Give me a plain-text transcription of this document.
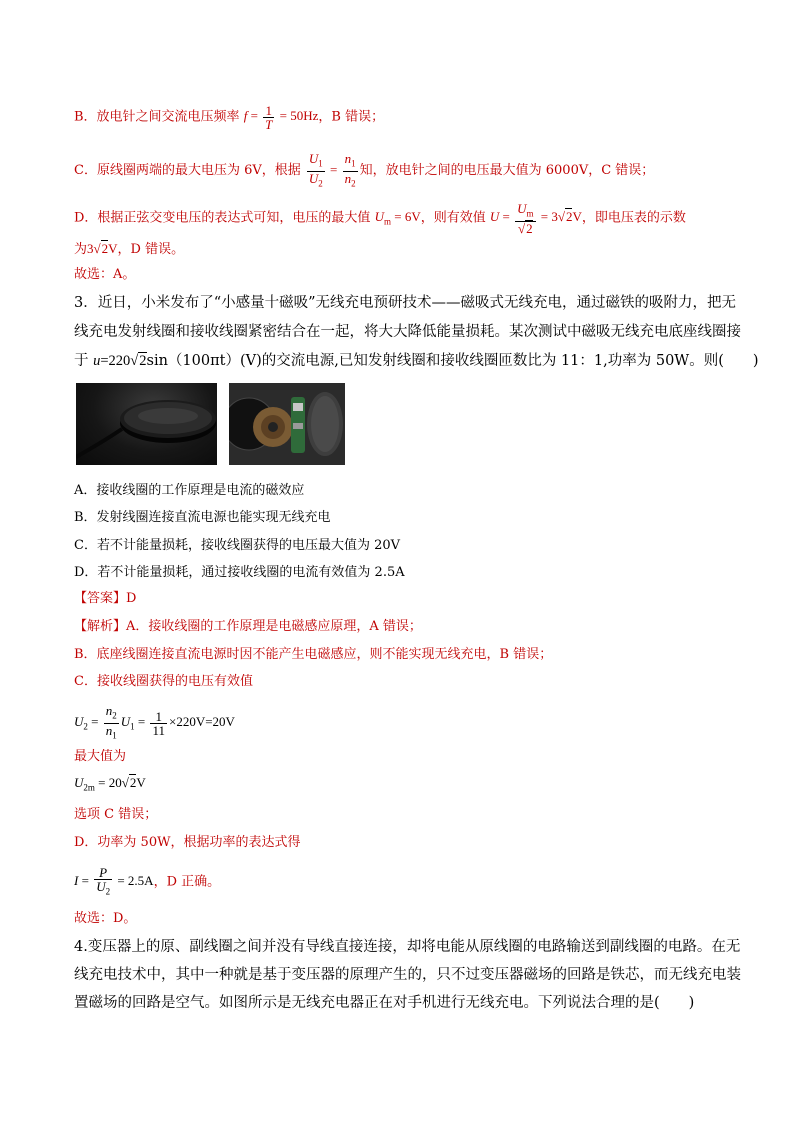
B．放电针之间交流电压频率 $f = \frac{1}{T} = 50Hz$，B 错误；
C．原线圈两端的最大电压为 6V，根据 $\frac{U_1}{U_2} = \frac{n_1}{n_2}$ 知，放电针之间的电压最大值为 6000V，C 错误；
D．根据正弦交变电压的表达式可知，电压的最大值 $U_m = 6V$，则有效值 $U = \frac{U_m}{√2} = 3√2V$，即电压表的示数
为3√2V，D 错误。
故选：A。
3．近日，小米发布了“小感量十磁吸”无线充电预研技术——磁吸式无线充电，通过磁铁的吸附力，把无
线充电发射线圈和接收线圈紧密结合在一起，将大大降低能量损耗。某次测试中磁吸无线充电底座线圈接
于 u=220√2sin（100πt）(V)的交流电源,已知发射线圈和接收线圈匝数比为 11：1,功率为 50W。则(　　)
A．接收线圈的工作原理是电流的磁效应
B．发射线圈连接直流电源也能实现无线充电
C．若不计能量损耗，接收线圈获得的电压最大值为 20V
D．若不计能量损耗，通过接收线圈的电流有效值为 2.5A
【答案】D
【解析】A．接收线圈的工作原理是电磁感应原理，A 错误；
B．底座线圈连接直流电源时因不能产生电磁感应，则不能实现无线充电，B 错误；
C．接收线圈获得的电压有效值
$U_2 = \frac{n_2}{n_1} U_1 = \frac{1}{11} \times 220V=20V$
最大值为
$U_{2m} = 20√2V$
选项 C 错误；
D．功率为 50W，根据功率的表达式得
$I = \frac{P}{U_2} = 2.5A$，D 正确。
故选：D。
4.变压器上的原、副线圈之间并没有导线直接连接，却将电能从原线圈的电路输送到副线圈的电路。在无
线充电技术中，其中一种就是基于变压器的原理产生的，只不过变压器磁场的回路是铁芯，而无线充电装
置磁场的回路是空气。如图所示是无线充电器正在对手机进行无线充电。下列说法合理的是(　　)
